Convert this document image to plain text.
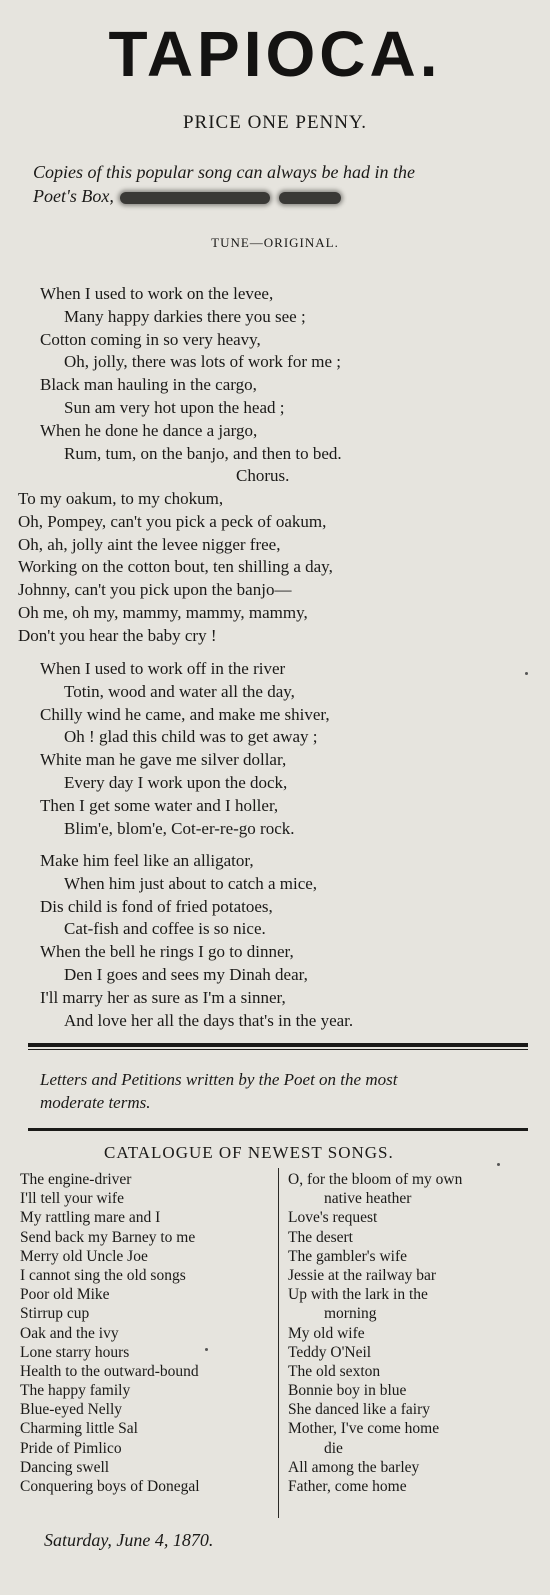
TAPIOCA.
PRICE ONE PENNY.
Copies of this popular song can always be had in the
Poet's Box,
TUNE—ORIGINAL.
When I used to work on the levee,
Many happy darkies there you see ;
Cotton coming in so very heavy,
Oh, jolly, there was lots of work for me ;
Black man hauling in the cargo,
Sun am very hot upon the head ;
When he done he dance a jargo,
Rum, tum, on the banjo, and then to bed.
Chorus.
To my oakum, to my chokum,
Oh, Pompey, can't you pick a peck of oakum,
Oh, ah, jolly aint the levee nigger free,
Working on the cotton bout, ten shilling a day,
Johnny, can't you pick upon the banjo—
Oh me, oh my, mammy, mammy, mammy,
Don't you hear the baby cry !
When I used to work off in the river
Totin, wood and water all the day,
Chilly wind he came, and make me shiver,
Oh ! glad this child was to get away ;
White man he gave me silver dollar,
Every day I work upon the dock,
Then I get some water and I holler,
Blim'e, blom'e, Cot-er-re-go rock.
Make him feel like an alligator,
When him just about to catch a mice,
Dis child is fond of fried potatoes,
Cat-fish and coffee is so nice.
When the bell he rings I go to dinner,
Den I goes and sees my Dinah dear,
I'll marry her as sure as I'm a sinner,
And love her all the days that's in the year.
Letters and Petitions written by the Poet on the most
moderate terms.
CATALOGUE OF NEWEST SONGS.
The engine-driver
I'll tell your wife
My rattling mare and I
Send back my Barney to me
Merry old Uncle Joe
I cannot sing the old songs
Poor old Mike
Stirrup cup
Oak and the ivy
Lone starry hours
Health to the outward-bound
The happy family
Blue-eyed Nelly
Charming little Sal
Pride of Pimlico
Dancing swell
Conquering boys of Donegal
O, for the bloom of my own
native heather
Love's request
The desert
The gambler's wife
Jessie at the railway bar
Up with the lark in the
morning
My old wife
Teddy O'Neil
The old sexton
Bonnie boy in blue
She danced like a fairy
Mother, I've come home
die
All among the barley
Father, come home
Saturday, June 4, 1870.
